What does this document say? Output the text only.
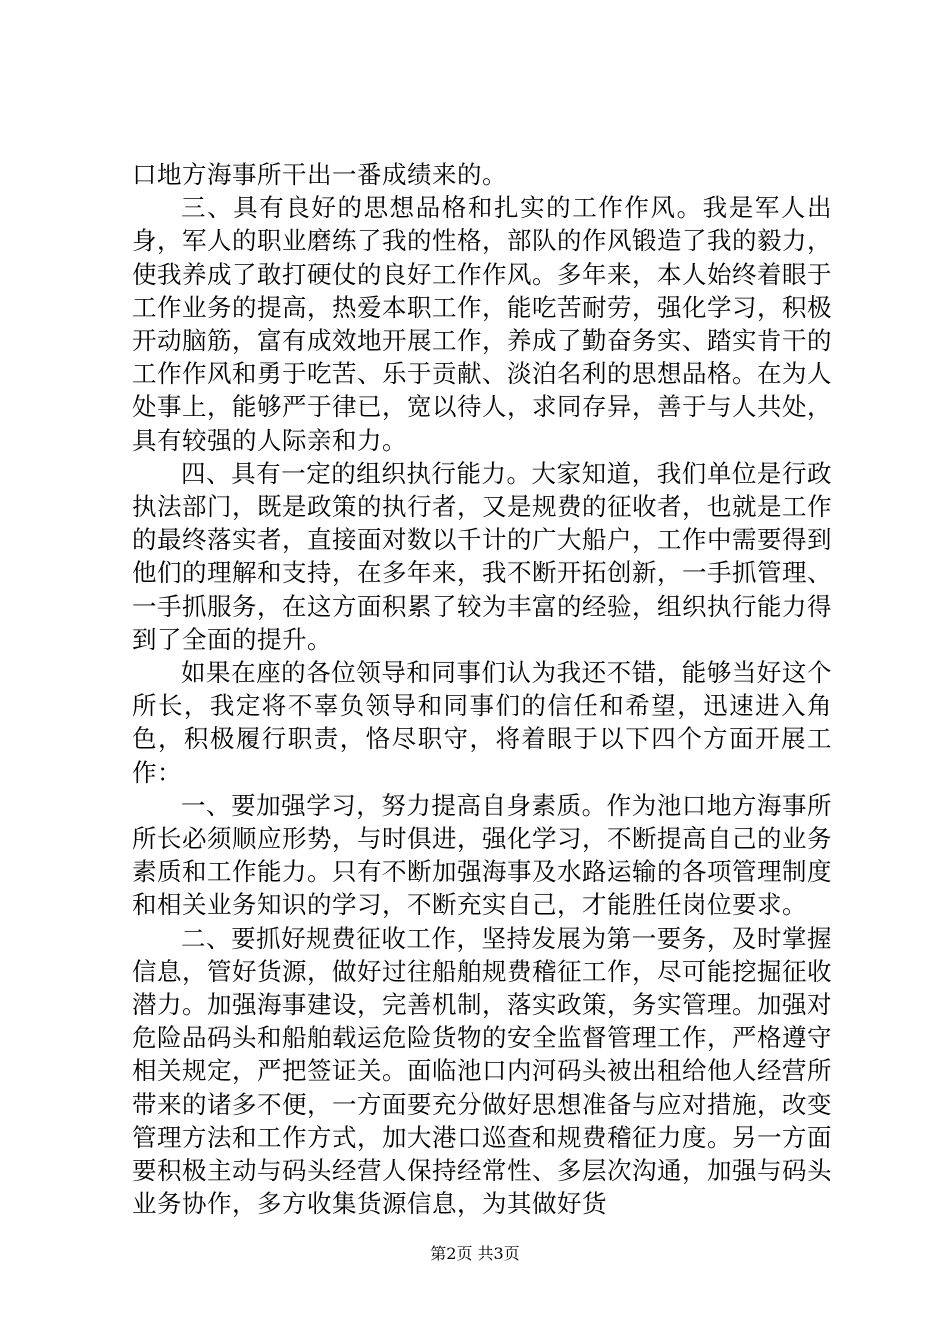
口地方海事所干出一番成绩来的。

三、具有良好的思想品格和扎实的工作作风。我是军人出身，军人的职业磨练了我的性格，部队的作风锻造了我的毅力，使我养成了敢打硬仗的良好工作作风。多年来，本人始终着眼于工作业务的提高，热爱本职工作，能吃苦耐劳，强化学习，积极开动脑筋，富有成效地开展工作，养成了勤奋务实、踏实肯干的工作作风和勇于吃苦、乐于贡献、淡泊名利的思想品格。在为人处事上，能够严于律已，宽以待人，求同存异，善于与人共处，具有较强的人际亲和力。

四、具有一定的组织执行能力。大家知道，我们单位是行政执法部门，既是政策的执行者，又是规费的征收者，也就是工作的最终落实者，直接面对数以千计的广大船户，工作中需要得到他们的理解和支持，在多年来，我不断开拓创新，一手抓管理、一手抓服务，在这方面积累了较为丰富的经验，组织执行能力得到了全面的提升。

如果在座的各位领导和同事们认为我还不错，能够当好这个所长，我定将不辜负领导和同事们的信任和希望，迅速进入角色，积极履行职责，恪尽职守，将着眼于以下四个方面开展工作：

一、要加强学习，努力提高自身素质。作为池口地方海事所所长必须顺应形势，与时俱进，强化学习，不断提高自己的业务素质和工作能力。只有不断加强海事及水路运输的各项管理制度和相关业务知识的学习，不断充实自己，才能胜任岗位要求。

二、要抓好规费征收工作，坚持发展为第一要务，及时掌握信息，管好货源，做好过往船舶规费稽征工作，尽可能挖掘征收潜力。加强海事建设，完善机制，落实政策，务实管理。加强对危险品码头和船舶载运危险货物的安全监督管理工作，严格遵守相关规定，严把签证关。面临池口内河码头被出租给他人经营所带来的诸多不便，一方面要充分做好思想准备与应对措施，改变管理方法和工作方式，加大港口巡查和规费稽征力度。另一方面要积极主动与码头经营人保持经常性、多层次沟通，加强与码头业务协作，多方收集货源信息，为其做好货

第2页 共3页
